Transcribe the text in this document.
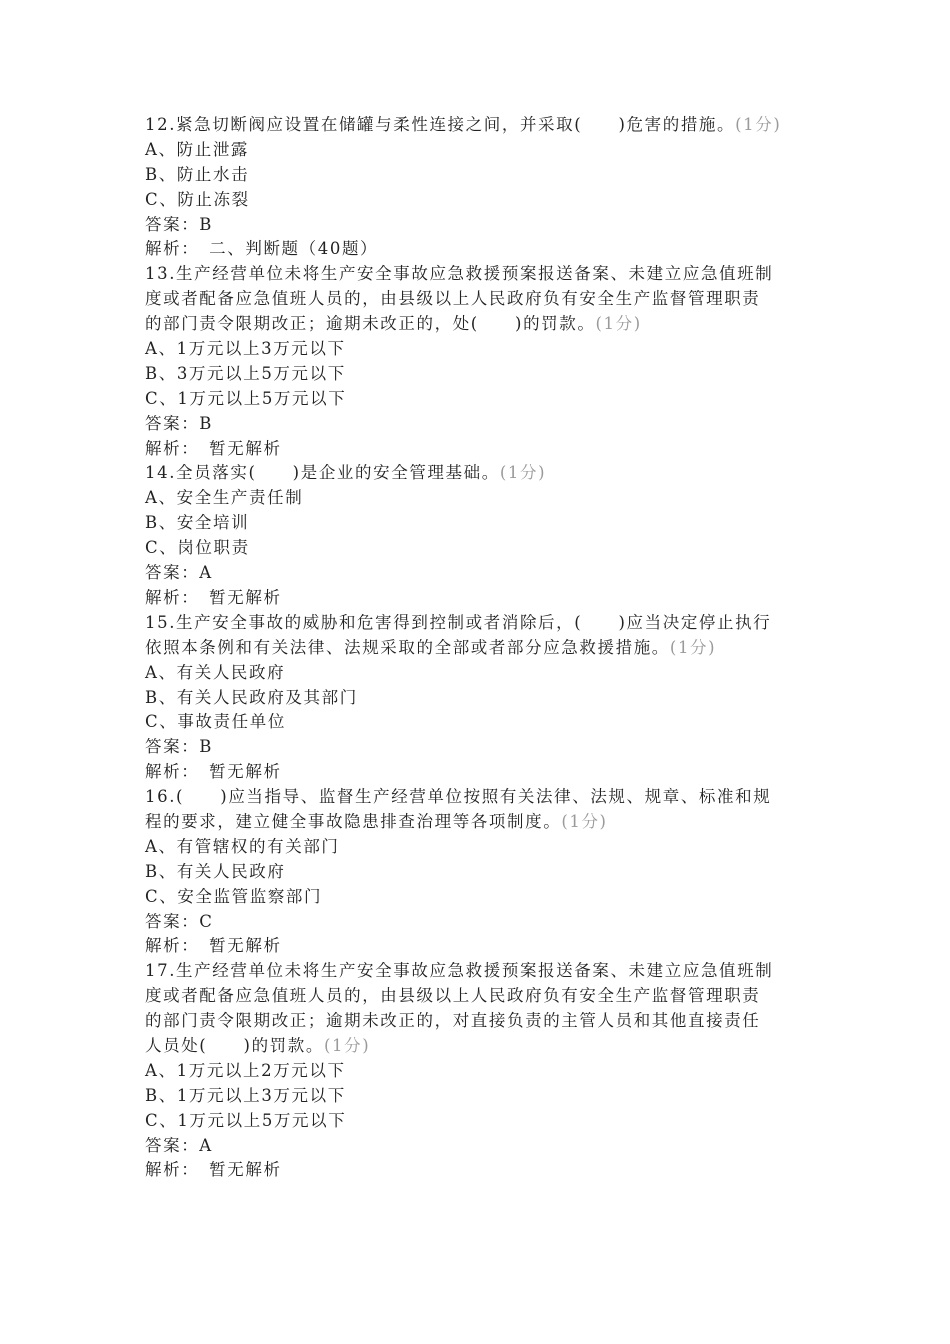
12.紧急切断阀应设置在储罐与柔性连接之间，并采取(　　)危害的措施。(1分)
A、防止泄露
B、防止水击
C、防止冻裂
答案：B
解析：　二、判断题（40题）
13.生产经营单位未将生产安全事故应急救援预案报送备案、未建立应急值班制
度或者配备应急值班人员的，由县级以上人民政府负有安全生产监督管理职责
的部门责令限期改正；逾期未改正的，处(　　)的罚款。(1分)
A、1万元以上3万元以下
B、3万元以上5万元以下
C、1万元以上5万元以下
答案：B
解析：　暂无解析
14.全员落实(　　)是企业的安全管理基础。(1分)
A、安全生产责任制
B、安全培训
C、岗位职责
答案：A
解析：　暂无解析
15.生产安全事故的威胁和危害得到控制或者消除后，(　　)应当决定停止执行
依照本条例和有关法律、法规采取的全部或者部分应急救援措施。(1分)
A、有关人民政府
B、有关人民政府及其部门
C、事故责任单位
答案：B
解析：　暂无解析
16.(　　)应当指导、监督生产经营单位按照有关法律、法规、规章、标准和规
程的要求，建立健全事故隐患排查治理等各项制度。(1分)
A、有管辖权的有关部门
B、有关人民政府
C、安全监管监察部门
答案：C
解析：　暂无解析
17.生产经营单位未将生产安全事故应急救援预案报送备案、未建立应急值班制
度或者配备应急值班人员的，由县级以上人民政府负有安全生产监督管理职责
的部门责令限期改正；逾期未改正的，对直接负责的主管人员和其他直接责任
人员处(　　)的罚款。(1分)
A、1万元以上2万元以下
B、1万元以上3万元以下
C、1万元以上5万元以下
答案：A
解析：　暂无解析
